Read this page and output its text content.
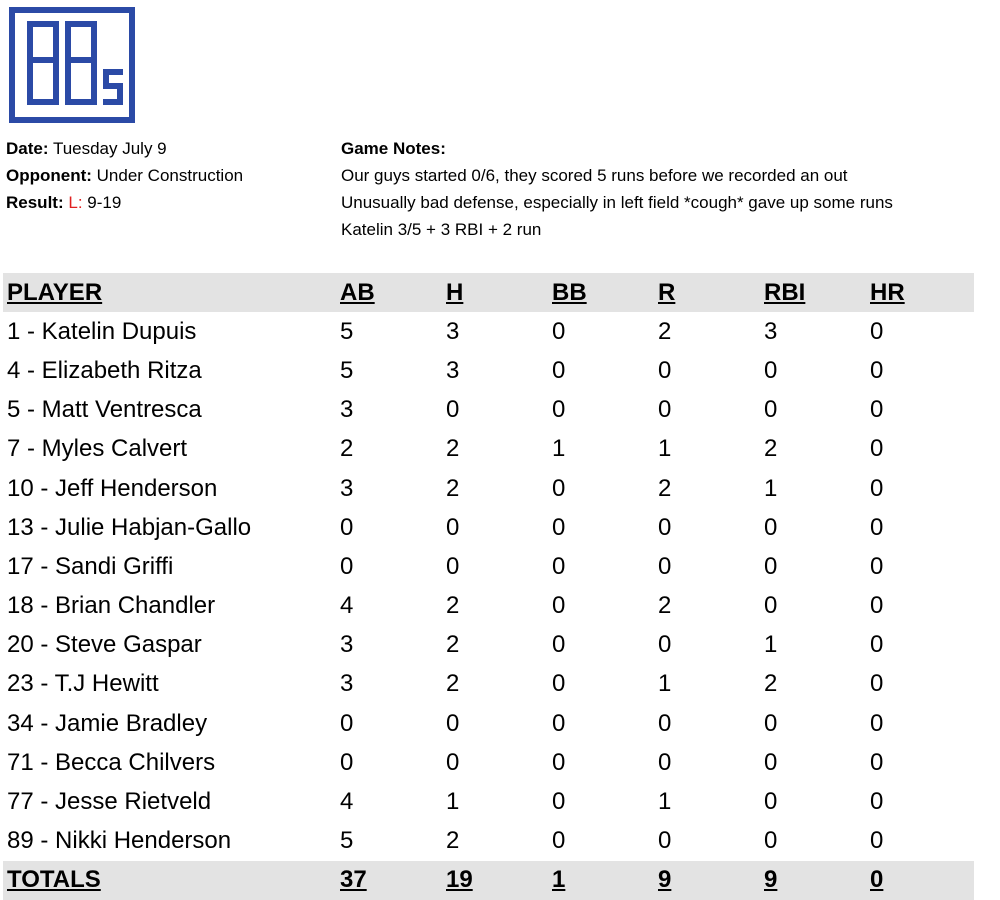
Date: Tuesday July 9
Opponent: Under Construction
Result: L: 9-19
Game Notes:
Our guys started 0/6, they scored 5 runs before we recorded an out
Unusually bad defense, especially in left field *cough* gave up some runs
Katelin 3/5 + 3 RBI + 2 run
PLAYER	AB	H	BB	R	RBI	HR
1 - Katelin Dupuis	5	3	0	2	3	0
4 - Elizabeth Ritza	5	3	0	0	0	0
5 - Matt Ventresca	3	0	0	0	0	0
7 - Myles Calvert	2	2	1	1	2	0
10 - Jeff Henderson	3	2	0	2	1	0
13 - Julie Habjan-Gallo	0	0	0	0	0	0
17 - Sandi Griffi	0	0	0	0	0	0
18 - Brian Chandler	4	2	0	2	0	0
20 - Steve Gaspar	3	2	0	0	1	0
23 - T.J Hewitt	3	2	0	1	2	0
34 - Jamie Bradley	0	0	0	0	0	0
71 - Becca Chilvers	0	0	0	0	0	0
77 - Jesse Rietveld	4	1	0	1	0	0
89 - Nikki Henderson	5	2	0	0	0	0
TOTALS	37	19	1	9	9	0
